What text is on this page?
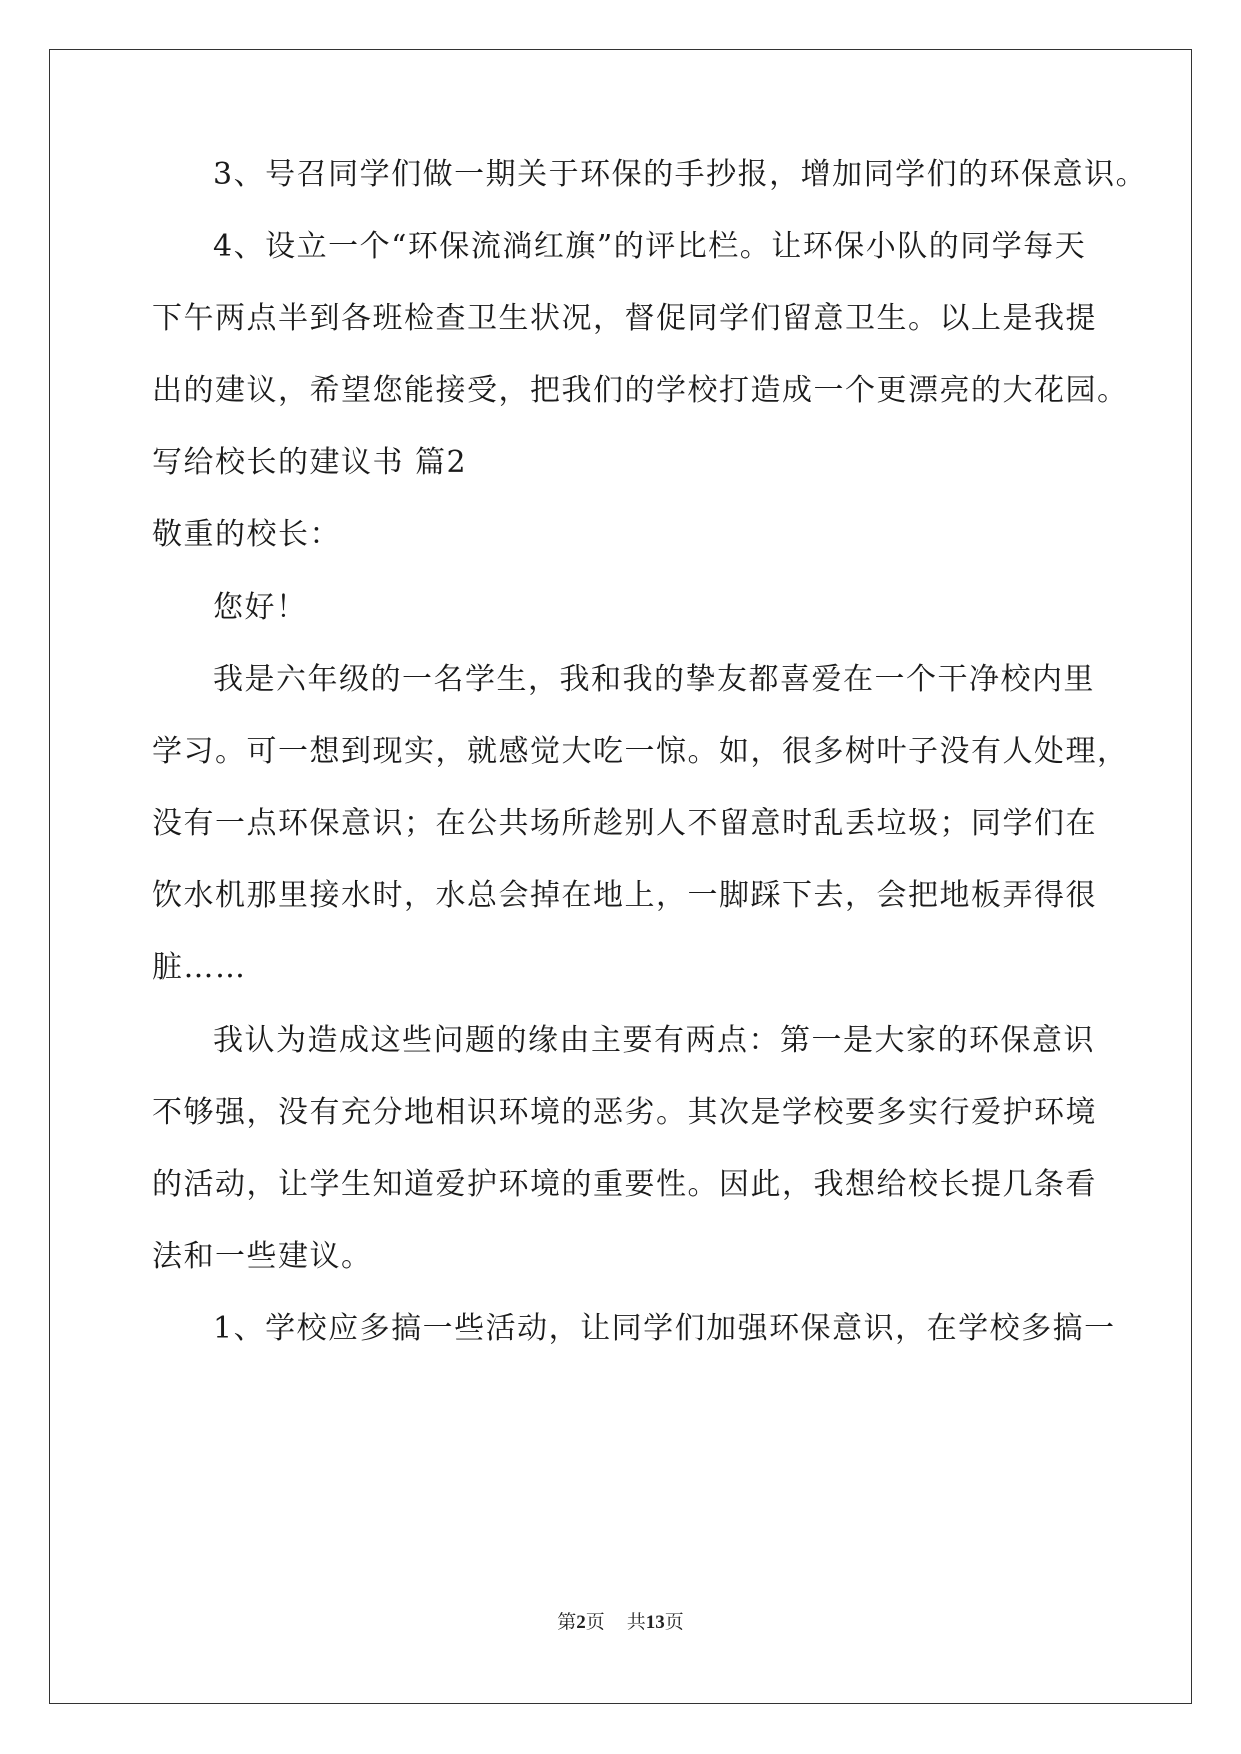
3、号召同学们做一期关于环保的手抄报，增加同学们的环保意识。
4、设立一个“环保流淌红旗”的评比栏。让环保小队的同学每天
下午两点半到各班检查卫生状况，督促同学们留意卫生。以上是我提
出的建议，希望您能接受，把我们的学校打造成一个更漂亮的大花园。
写给校长的建议书 篇2
敬重的校长：
您好！
我是六年级的一名学生，我和我的挚友都喜爱在一个干净校内里
学习。可一想到现实，就感觉大吃一惊。如，很多树叶子没有人处理，
没有一点环保意识；在公共场所趁别人不留意时乱丢垃圾；同学们在
饮水机那里接水时，水总会掉在地上，一脚踩下去，会把地板弄得很
脏……
我认为造成这些问题的缘由主要有两点：第一是大家的环保意识
不够强，没有充分地相识环境的恶劣。其次是学校要多实行爱护环境
的活动，让学生知道爱护环境的重要性。因此，我想给校长提几条看
法和一些建议。
1、学校应多搞一些活动，让同学们加强环保意识，在学校多搞一
第2页 共13页
